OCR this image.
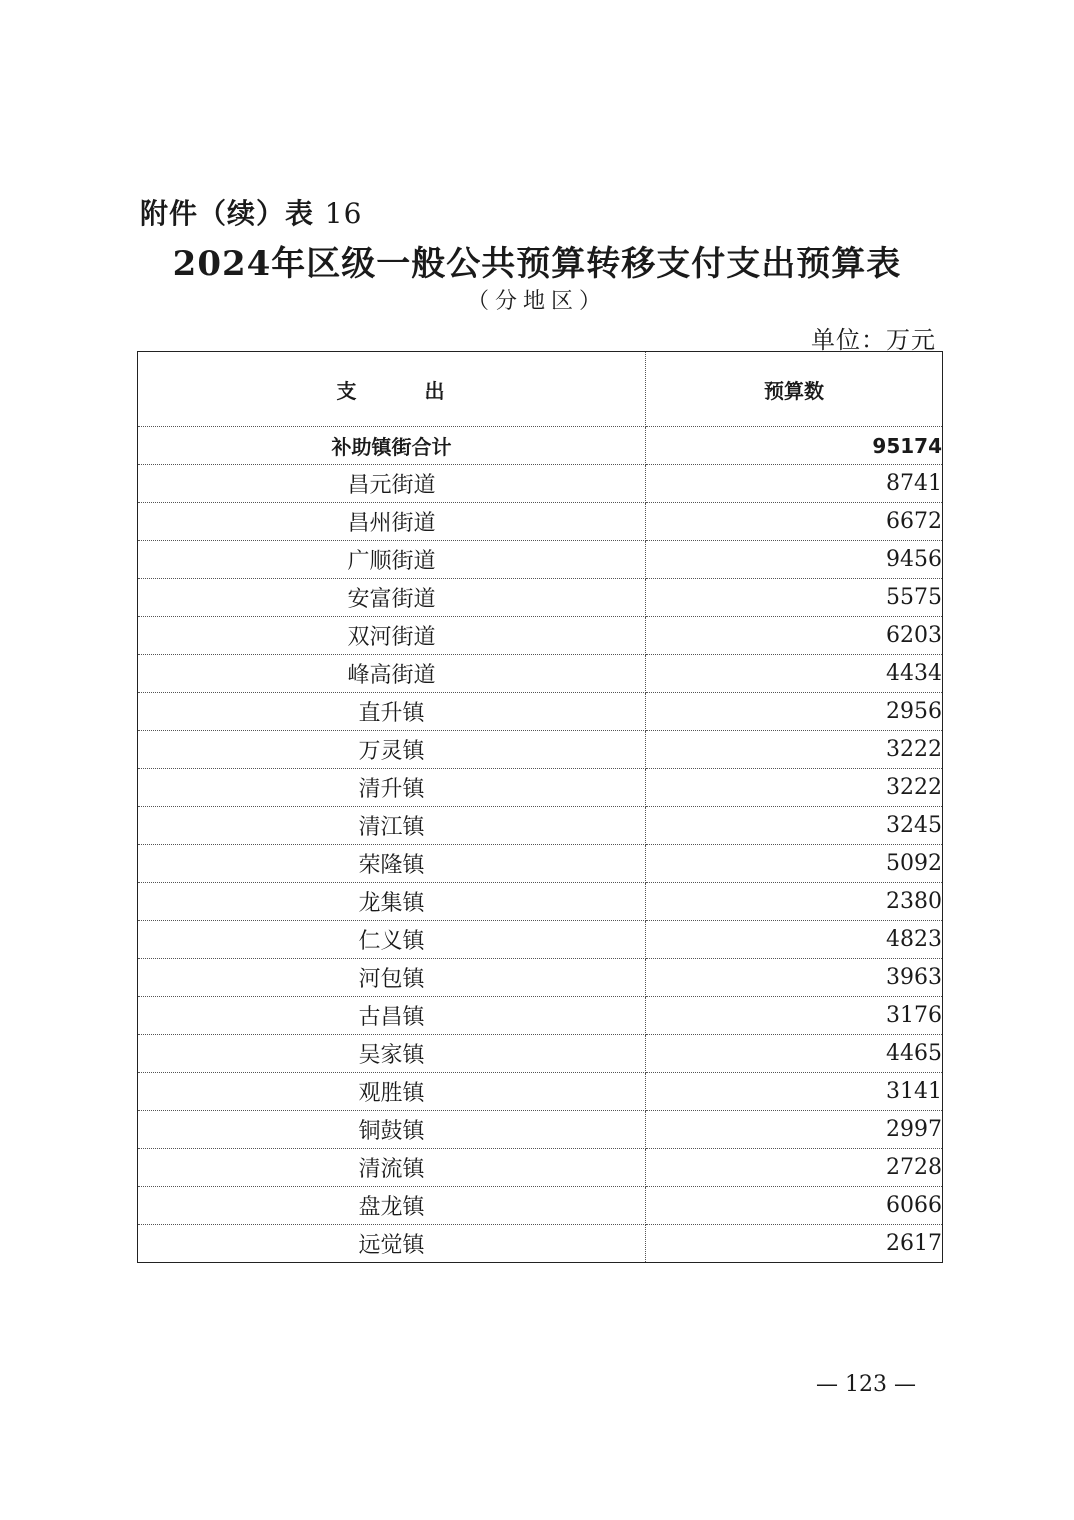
附件（续）表 16
2024年区级一般公共预算转移支付支出预算表
（分地区）
单位：万元
支　　　出	预算数
补助镇街合计	95174
昌元街道	8741
昌州街道	6672
广顺街道	9456
安富街道	5575
双河街道	6203
峰高街道	4434
直升镇	2956
万灵镇	3222
清升镇	3222
清江镇	3245
荣隆镇	5092
龙集镇	2380
仁义镇	4823
河包镇	3963
古昌镇	3176
吴家镇	4465
观胜镇	3141
铜鼓镇	2997
清流镇	2728
盘龙镇	6066
远觉镇	2617
— 123 —
